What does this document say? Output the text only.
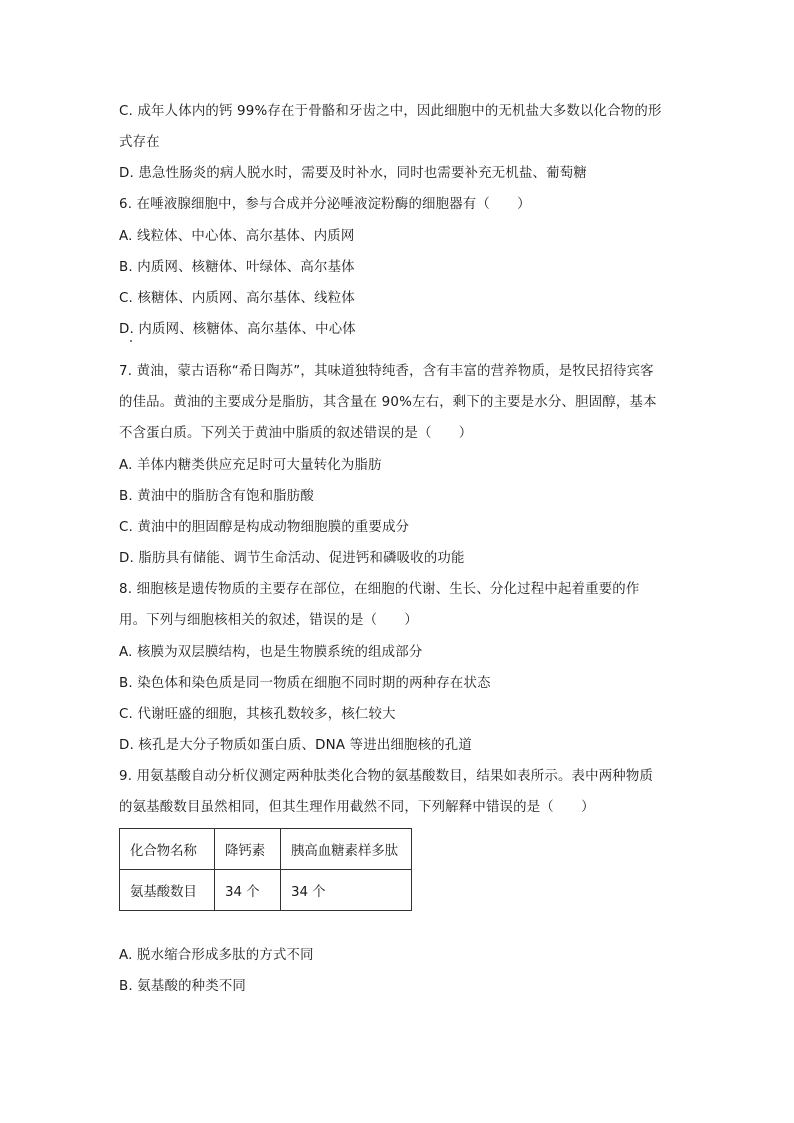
C. 成年人体内的钙 99%存在于骨骼和牙齿之中，因此细胞中的无机盐大多数以化合物的形
式存在
D. 患急性肠炎的病人脱水时，需要及时补水，同时也需要补充无机盐、葡萄糖
6. 在唾液腺细胞中，参与合成并分泌唾液淀粉酶的细胞器有（　　）
A. 线粒体、中心体、高尔基体、内质网
B. 内质网、核糖体、叶绿体、高尔基体
C. 核糖体、内质网、高尔基体、线粒体
D. 内质网、核糖体、高尔基体、中心体
7. 黄油，蒙古语称“希日陶苏”，其味道独特纯香，含有丰富的营养物质，是牧民招待宾客
的佳品。黄油的主要成分是脂肪，其含量在 90%左右，剩下的主要是水分、胆固醇，基本
不含蛋白质。下列关于黄油中脂质的叙述错误的是（　　）
A. 羊体内糖类供应充足时可大量转化为脂肪
B. 黄油中的脂肪含有饱和脂肪酸
C. 黄油中的胆固醇是构成动物细胞膜的重要成分
D. 脂肪具有储能、调节生命活动、促进钙和磷吸收的功能
8. 细胞核是遗传物质的主要存在部位，在细胞的代谢、生长、分化过程中起着重要的作
用。下列与细胞核相关的叙述，错误的是（　　）
A. 核膜为双层膜结构，也是生物膜系统的组成部分
B. 染色体和染色质是同一物质在细胞不同时期的两种存在状态
C. 代谢旺盛的细胞，其核孔数较多，核仁较大
D. 核孔是大分子物质如蛋白质、DNA 等进出细胞核的孔道
9. 用氨基酸自动分析仪测定两种肽类化合物的氨基酸数目，结果如表所示。表中两种物质
的氨基酸数目虽然相同，但其生理作用截然不同，下列解释中错误的是（　　）
化合物名称	降钙素	胰高血糖素样多肽
氨基酸数目	34 个	34 个
A. 脱水缩合形成多肽的方式不同
B. 氨基酸的种类不同
